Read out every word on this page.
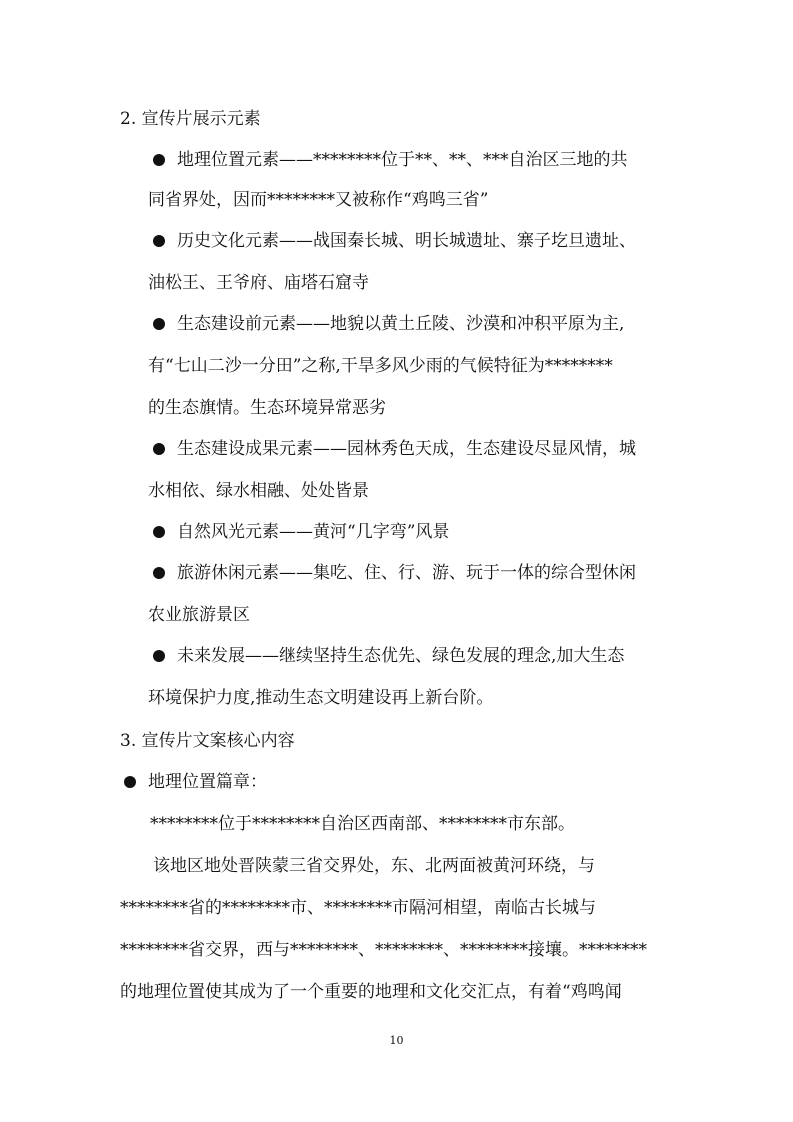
2. 宣传片展示元素

地理位置元素——********位于**、**、***自治区三地的共

同省界处，因而********又被称作“鸡鸣三省”

历史文化元素——战国秦长城、明长城遗址、寨子圪旦遗址、

油松王、王爷府、庙塔石窟寺

生态建设前元素——地貌以黄土丘陵、沙漠和冲积平原为主,

有“七山二沙一分田”之称,干旱多风少雨的气候特征为********

的生态旗情。生态环境异常恶劣

生态建设成果元素——园林秀色天成，生态建设尽显风情，城

水相依、绿水相融、处处皆景

自然风光元素——黄河“几字弯”风景

旅游休闲元素——集吃、住、行、游、玩于一体的综合型休闲

农业旅游景区

未来发展——继续坚持生态优先、绿色发展的理念,加大生态

环境保护力度,推动生态文明建设再上新台阶。

3. 宣传片文案核心内容

地理位置篇章：

********位于********自治区西南部、********市东部。

该地区地处晋陕蒙三省交界处，东、北两面被黄河环绕，与

********省的********市、********市隔河相望，南临古长城与

********省交界，西与********、********、********接壤。********

的地理位置使其成为了一个重要的地理和文化交汇点，有着“鸡鸣闻

10
